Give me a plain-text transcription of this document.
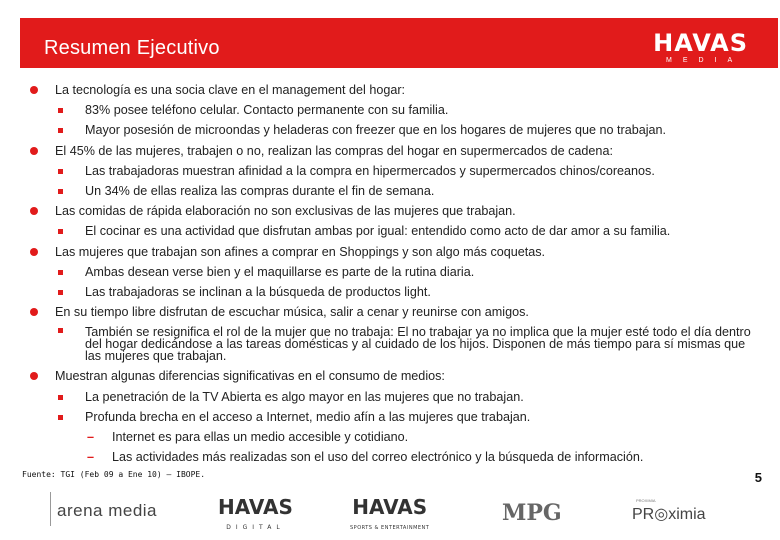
Resumen Ejecutivo	HAVAS
MEDIA
La tecnología es una socia clave en el management del hogar:
83% posee teléfono celular. Contacto permanente con su familia.
Mayor posesión de microondas y heladeras con freezer que en los hogares de mujeres que no trabajan.
El 45% de las mujeres, trabajen o no, realizan las compras del hogar en supermercados de cadena:
Las trabajadoras muestran afinidad a la compra en hipermercados y supermercados chinos/coreanos.
Un 34% de ellas realiza las compras durante el fin de semana.
Las comidas de rápida elaboración no son exclusivas de las mujeres que trabajan.
El cocinar es una actividad que disfrutan ambas por igual: entendido como acto de dar amor a su familia.
Las mujeres que trabajan son afines a comprar en Shoppings y son algo más coquetas.
Ambas desean verse bien y el maquillarse es parte de la rutina diaria.
Las trabajadoras se inclinan a la búsqueda de productos light.
En su tiempo libre disfrutan de escuchar música, salir a cenar y reunirse con amigos.
También se resignifica el rol de la mujer que no trabaja: El no trabajar ya no implica que la mujer esté todo el día dentro del hogar dedicándose a las tareas domésticas y al cuidado de los hijos. Disponen de más tiempo para sí mismas que las mujeres que trabajan.
Muestran algunas diferencias significativas en el consumo de medios:
La penetración de la TV Abierta es algo mayor en las mujeres que no trabajan.
Profunda brecha en el acceso a Internet, medio afín a las mujeres que trabajan.
– Internet es para ellas un medio accesible y cotidiano.
– Las actividades más realizadas son el uso del correo electrónico y la búsqueda de información.
Fuente: TGI (Feb 09 a Ene 10) – IBOPE.	5
arena media	HAVAS
DIGITAL
HAVAS
SPORTS & ENTERTAINMENT
MPG	PROXIMIA
PR◎ximia
